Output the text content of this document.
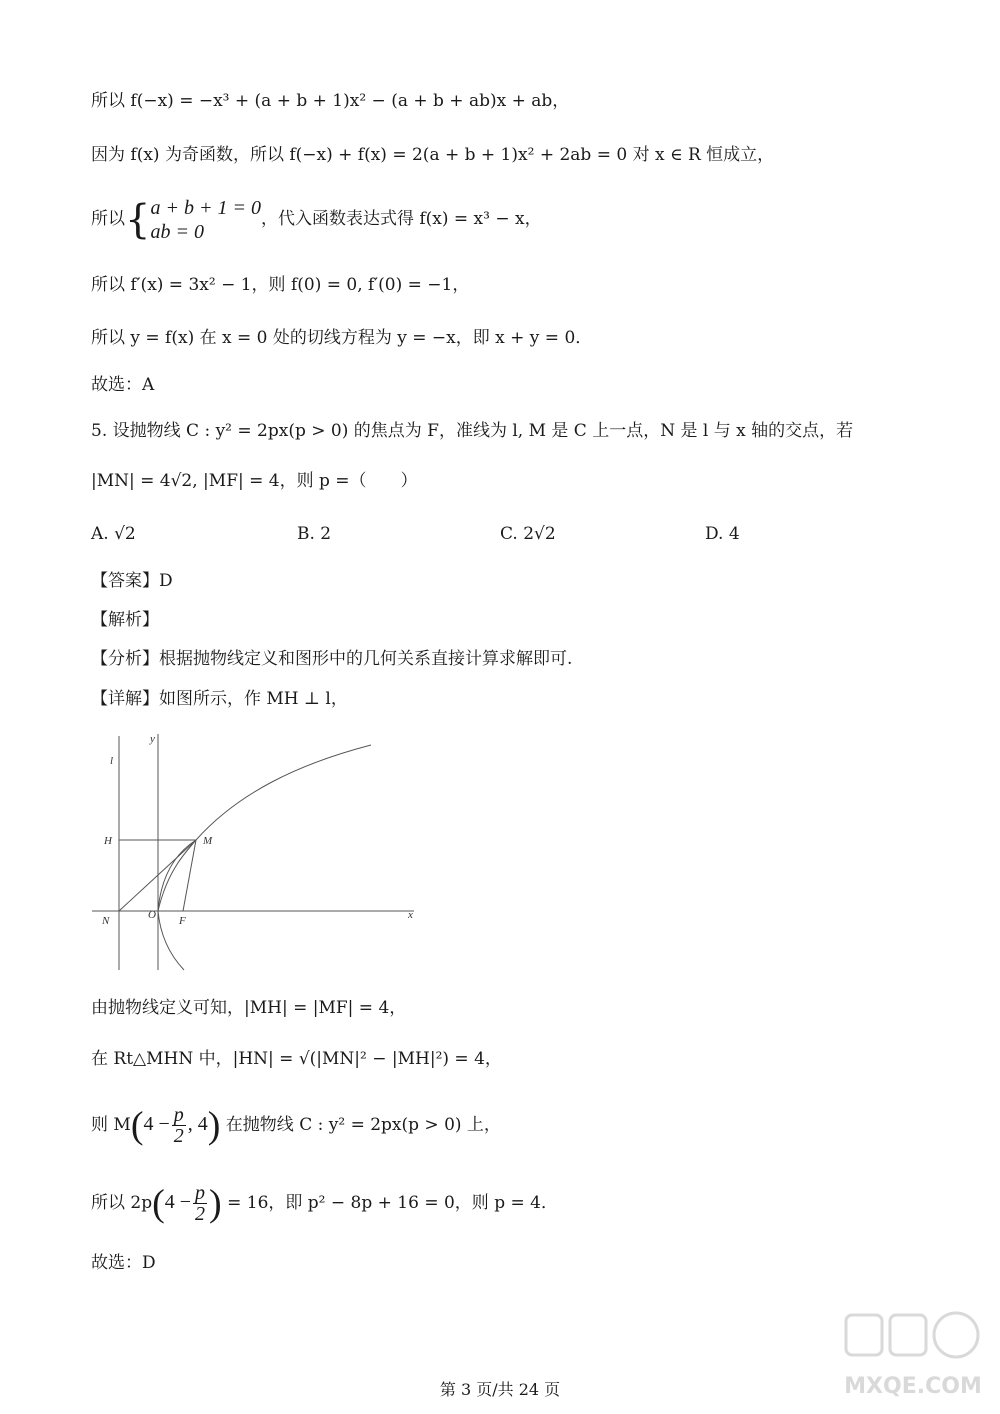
所以 f(−x) = −x³ + (a + b + 1)x² − (a + b + ab)x + ab，
因为 f(x) 为奇函数，所以 f(−x) + f(x) = 2(a + b + 1)x² + 2ab = 0 对 x ∈ R 恒成立，
所以{ a + b + 1 = 0
ab = 0
，代入函数表达式得 f(x) = x³ − x，
所以 f′(x) = 3x² − 1，则 f(0) = 0, f′(0) = −1，
所以 y = f(x) 在 x = 0 处的切线方程为 y = −x，即 x + y = 0．
故选：A
5. 设抛物线 C : y² = 2px(p > 0) 的焦点为 F，准线为 l, M 是 C 上一点，N 是 l 与 x 轴的交点，若
|MN| = 4√2, |MF| = 4，则 p =（　　）
A. √2	B. 2	C. 2√2	D. 4
【答案】D
【解析】
【分析】根据抛物线定义和图形中的几何关系直接计算求解即可.
【详解】如图所示，作 MH ⊥ l，
y
l
H	M
N	O F	x
由抛物线定义可知，|MH| = |MF| = 4，
在 Rt△MHN 中，|HN| = √(|MN|² − |MH|²) = 4，
则 $M(4 - \frac{p}{2}$ , 4) 在抛物线 C : y² = 2px(p > 0) 上，
所以 $2p(4 - \frac{p}{2}$ ) = 16，即 p² − 8p + 16 = 0，则 p = 4．
故选：D
MXQE.COM
第 3 页/共 24 页
